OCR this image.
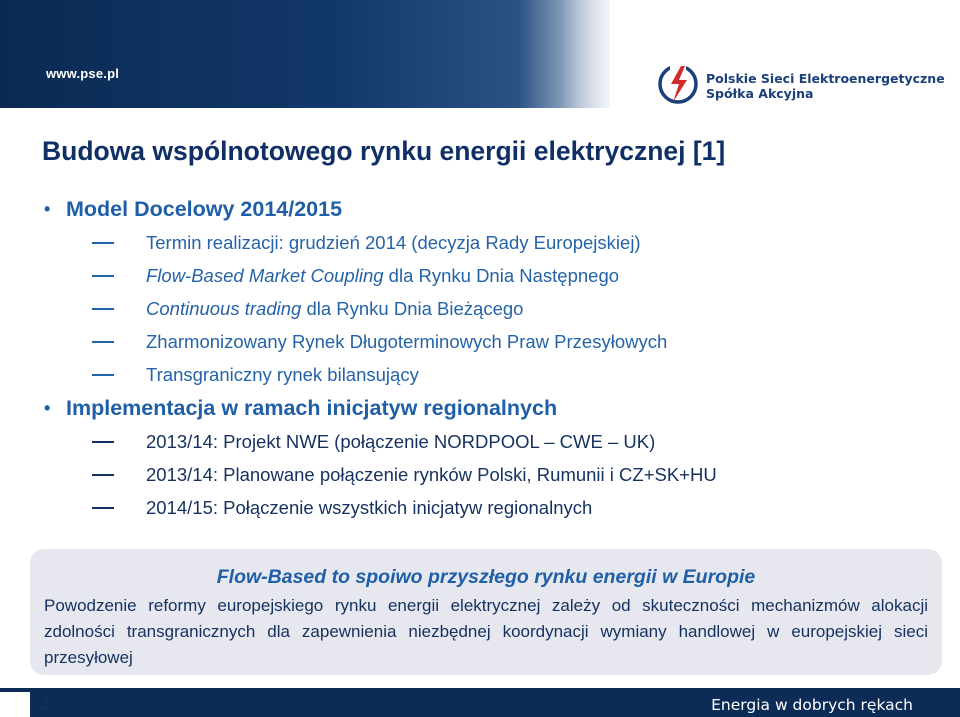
www.pse.pl	Polskie Sieci Elektroenergetyczne
Spółka Akcyjna
Budowa wspólnotowego rynku energii elektrycznej [1]
• Model Docelowy 2014/2015
Termin realizacji: grudzień 2014 (decyzja Rady Europejskiej)
Flow-Based Market Coupling dla Rynku Dnia Następnego
Continuous trading dla Rynku Dnia Bieżącego
Zharmonizowany Rynek Długoterminowych Praw Przesyłowych
Transgraniczny rynek bilansujący
• Implementacja w ramach inicjatyw regionalnych
2013/14: Projekt NWE (połączenie NORDPOOL – CWE – UK)
2013/14: Planowane połączenie rynków Polski, Rumunii i CZ+SK+HU
2014/15: Połączenie wszystkich inicjatyw regionalnych
Flow-Based to spoiwo przyszłego rynku energii w Europie
Powodzenie reformy europejskiego rynku energii elektrycznej zależy od skuteczności mechanizmów alokacji zdolności transgranicznych dla zapewnienia niezbędnej koordynacji wymiany handlowej w europejskiej sieci przesyłowej
3	Energia w dobrych rękach
